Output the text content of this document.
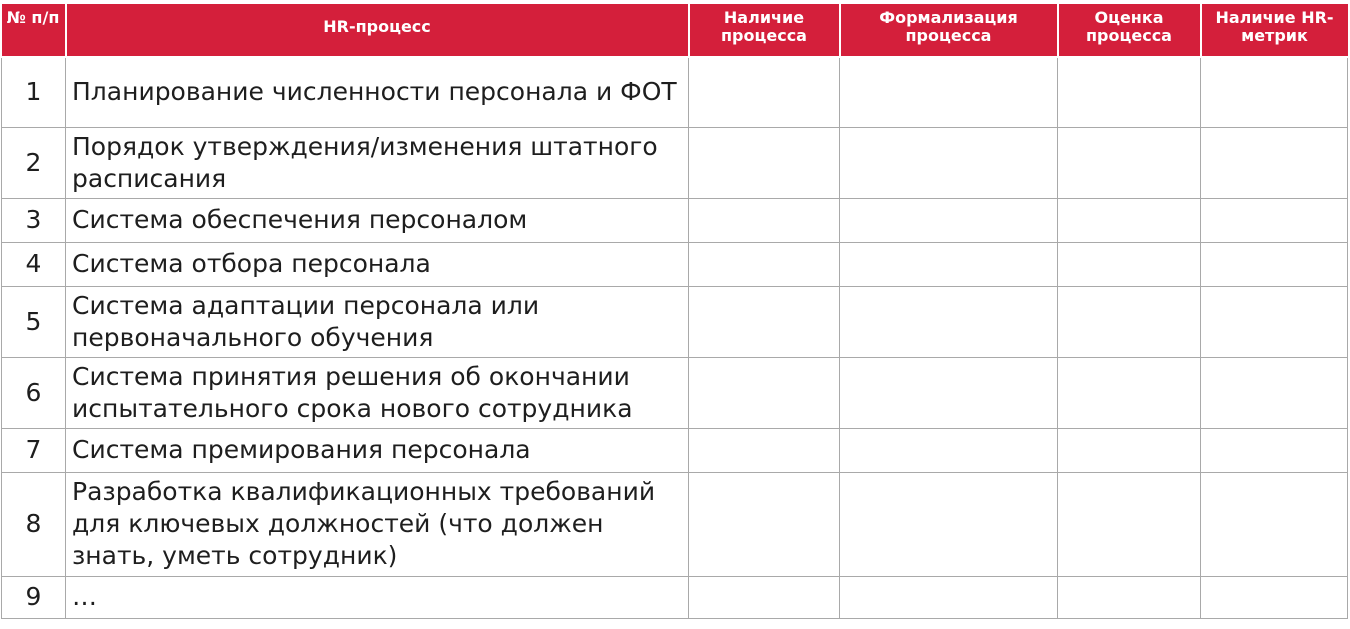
№ п/п	HR-процесс	Наличие процесса	Формализация процесса	Оценка процесса	Наличие HR-метрик
1	Планирование численности персонала и ФОТ				
2	Порядок утверждения/изменения штатного расписания				
3	Система обеспечения персоналом				
4	Система отбора персонала				
5	Система адаптации персонала или первоначального обучения				
6	Система принятия решения об окончании испытательного срока нового сотрудника				
7	Система премирования персонала				
8	Разработка квалификационных требований для ключевых должностей (что должен знать, уметь сотрудник)				
9	…				
